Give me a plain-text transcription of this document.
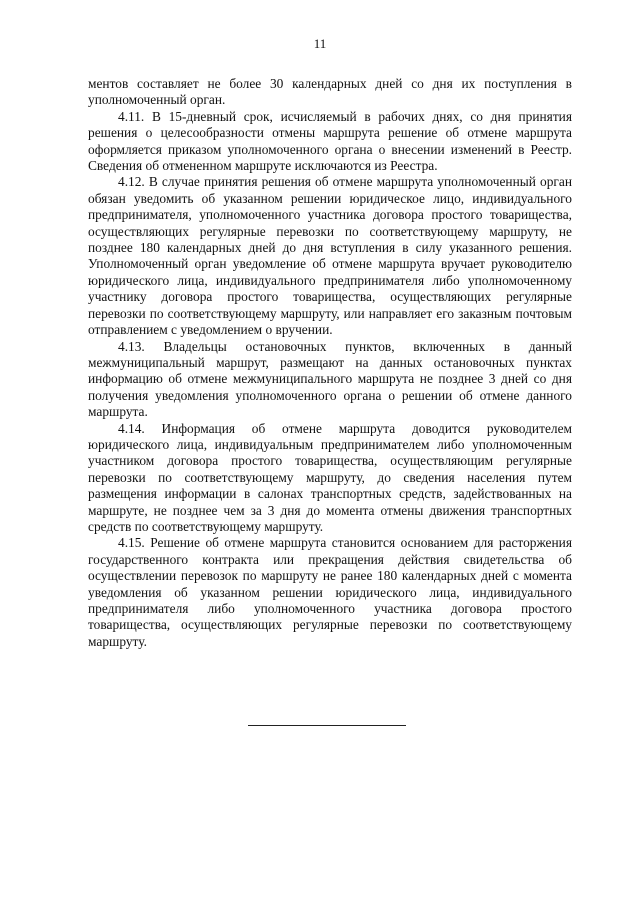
11

ментов составляет не более 30 календарных дней со дня их поступления в уполномоченный орган.

4.11. В 15-дневный срок, исчисляемый в рабочих днях, со дня принятия решения о целесообразности отмены маршрута решение об отмене маршрута оформляется приказом уполномоченного органа о внесении изменений в Реестр. Сведения об отмененном маршруте исключаются из Реестра.

4.12. В случае принятия решения об отмене маршрута уполномоченный орган обязан уведомить об указанном решении юридическое лицо, индивидуального предпринимателя, уполномоченного участника договора простого товарищества, осуществляющих регулярные перевозки по соответствующему маршруту, не позднее 180 календарных дней до дня вступления в силу указанного решения. Уполномоченный орган уведомление об отмене маршрута вручает руководителю юридического лица, индивидуального предпринимателя либо уполномоченному участнику договора простого товарищества, осуществляющих регулярные перевозки по соответствующему маршруту, или направляет его заказным почтовым отправлением с уведомлением о вручении.

4.13. Владельцы остановочных пунктов, включенных в данный межмуниципальный маршрут, размещают на данных остановочных пунктах информацию об отмене межмуниципального маршрута не позднее 3 дней со дня получения уведомления уполномоченного органа о решении об отмене данного маршрута.

4.14. Информация об отмене маршрута доводится руководителем юридического лица, индивидуальным предпринимателем либо уполномоченным участником договора простого товарищества, осуществляющим регулярные перевозки по соответствующему маршруту, до сведения населения путем размещения информации в салонах транспортных средств, задействованных на маршруте, не позднее чем за 3 дня до момента отмены движения транспортных средств по соответствующему маршруту.

4.15. Решение об отмене маршрута становится основанием для расторжения государственного контракта или прекращения действия свидетельства об осуществлении перевозок по маршруту не ранее 180 календарных дней с момента уведомления об указанном решении юридического лица, индивидуального предпринимателя либо уполномоченного участника договора простого товарищества, осуществляющих регулярные перевозки по соответствующему маршруту.
